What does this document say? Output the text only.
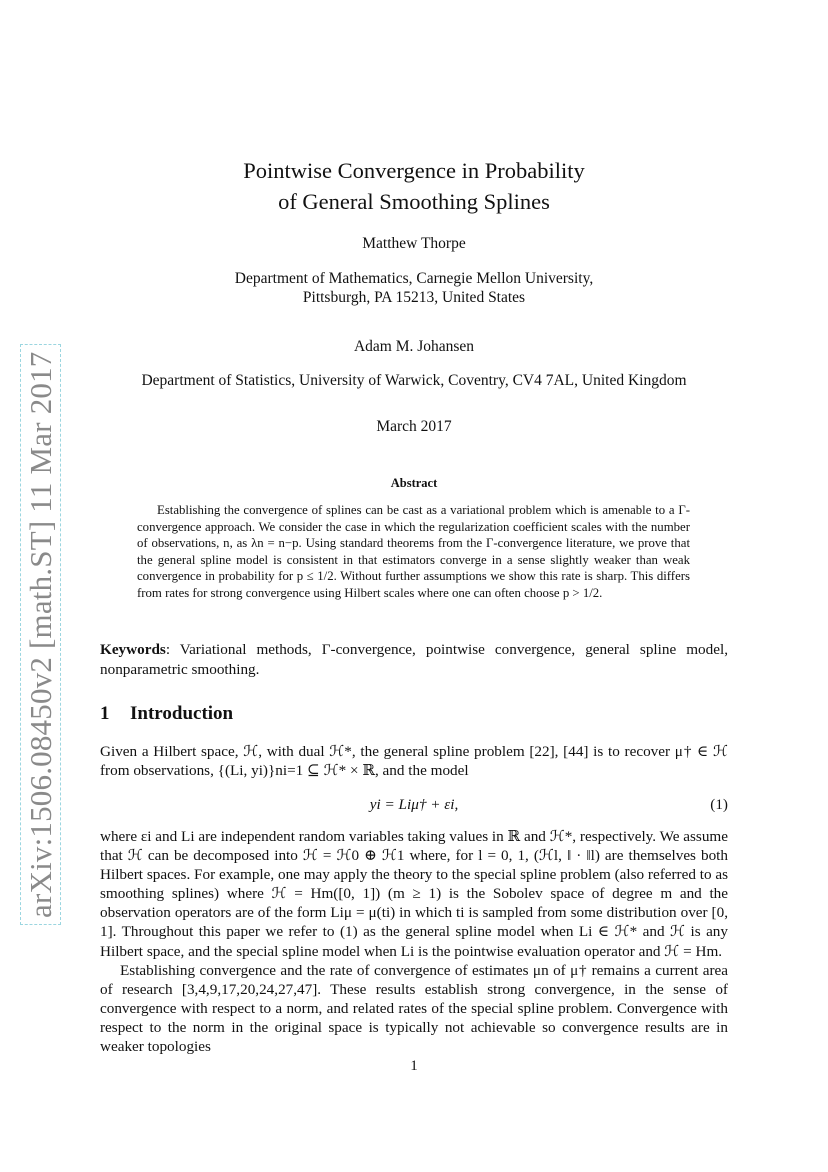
arXiv:1506.08450v2 [math.ST] 11 Mar 2017
Pointwise Convergence in Probability
of General Smoothing Splines
Matthew Thorpe
Department of Mathematics, Carnegie Mellon University,
Pittsburgh, PA 15213, United States
Adam M. Johansen
Department of Statistics, University of Warwick, Coventry, CV4 7AL, United Kingdom
March 2017
Abstract
Establishing the convergence of splines can be cast as a variational problem which is amenable to a Γ-convergence approach. We consider the case in which the regularization coefficient scales with the number of observations, n, as λn = n−p. Using standard theorems from the Γ-convergence literature, we prove that the general spline model is consistent in that estimators converge in a sense slightly weaker than weak convergence in probability for p ≤ 1/2. Without further assumptions we show this rate is sharp. This differs from rates for strong convergence using Hilbert scales where one can often choose p > 1/2.
Keywords: Variational methods, Γ-convergence, pointwise convergence, general spline model, nonparametric smoothing.
1 Introduction
Given a Hilbert space, ℋ, with dual ℋ*, the general spline problem [22], [44] is to recover μ† ∈ ℋ from observations, {(Li, yi)}ni=1 ⊆ ℋ* × ℝ, and the model
yi = Liμ† + εi,	(1)
where εi and Li are independent random variables taking values in ℝ and ℋ*, respectively. We assume that ℋ can be decomposed into ℋ = ℋ0 ⊕ ℋ1 where, for l = 0, 1, (ℋl, ‖ · ‖l) are themselves both Hilbert spaces. For example, one may apply the theory to the special spline problem (also referred to as smoothing splines) where ℋ = Hm([0, 1]) (m ≥ 1) is the Sobolev space of degree m and the observation operators are of the form Liμ = μ(ti) in which ti is sampled from some distribution over [0, 1]. Throughout this paper we refer to (1) as the general spline model when Li ∈ ℋ* and ℋ is any Hilbert space, and the special spline model when Li is the pointwise evaluation operator and ℋ = Hm.
Establishing convergence and the rate of convergence of estimates μn of μ† remains a current area of research [3,4,9,17,20,24,27,47]. These results establish strong convergence, in the sense of convergence with respect to a norm, and related rates of the special spline problem. Convergence with respect to the norm in the original space is typically not achievable so convergence results are in weaker topologies
1
